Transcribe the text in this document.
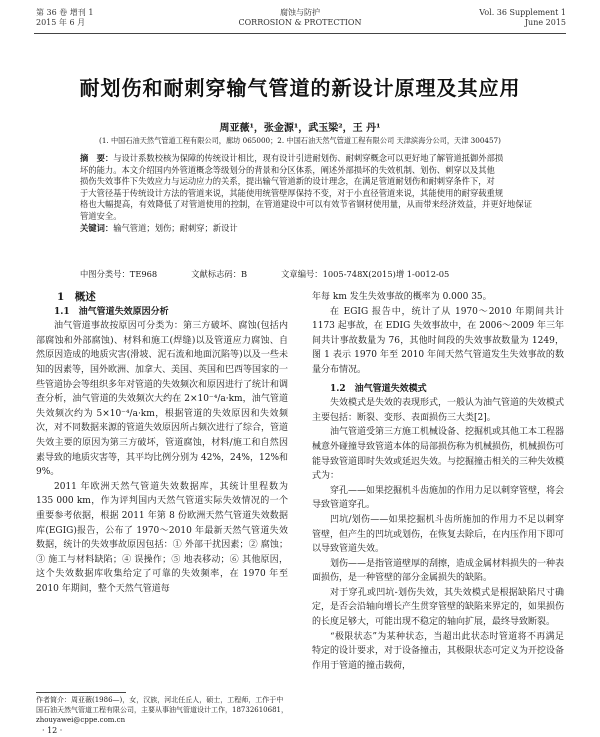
第 36 卷 增刊 1
2015 年 6 月
腐蚀与防护
CORROSION & PROTECTION
Vol. 36 Supplement 1
June 2015
耐划伤和耐刺穿输气管道的新设计原理及其应用
周亚薇¹，张金源¹，武玉梁²，王 丹¹
(1. 中国石油天然气管道工程有限公司，廊坊 065000；2. 中国石油天然气管道工程有限公司 天津滨海分公司，天津 300457)

摘　要：与设计系数校核为保障的传统设计相比，现有设计引进耐划伤、耐刺穿概念可以更好地了解管道抵御外部损

坏的能力。本文介绍国内外管道概念等级划分的背景和分区体系，阐述外部损坏的失效机制、划伤、刺穿以及其他

损伤失效事件下失效应力与运动应力的关系，提出输气管道新的设计理念，在满足管道耐划伤和耐刺穿条件下，对

于大管径基于传统设计方法的管道来说，其能使用统管壁厚保持不变，对于小直径管道来说，其能使用的耐穿载重规

格也大幅提高，有效降低了对管道使用的控制，在管道建设中可以有效节省钢材使用量，从而带来经济效益，并更好地保证管道安全。

关键词：输气管道；划伤；耐刺穿；新设计

中图分类号：TE968	文献标志码：B	文章编号：1005-748X(2015)增 1-0012-05

1　概述

1.1　油气管道失效原因分析

油气管道事故按原因可分类为：第三方破坏、腐蚀(包括内部腐蚀和外部腐蚀)、材料和施工(焊缝)以及管道应力腐蚀、自然原因造成的地质灾害(滑坡、泥石流和地面沉陷等)以及一些未知的因素等，国外欧洲、加拿大、美国、英国和巴西等国家的一些管道协会等组织多年对管道的失效频次和原因进行了统计和调查分析，油气管道的失效频次大约在 2×10⁻⁴/a·km，油气管道失效频次约为 5×10⁻⁴/a·km，根据管道的失效原因和失效频次，对不同数据来源的管道失效原因所占频次进行了综合，管道失效主要的原因为第三方破坏，管道腐蚀，材料/施工和自然因素导致的地质灾害等，其平均比例分别为 42%，24%，12%和 9%。

2011 年欧洲天然气管道失效数据库，其统计里程数为 135 000 km，作为评判国内天然气管道实际失效情况的一个重要参考依据，根据 2011 年第 8 份欧洲天然气管道失效数据库(EGIG)报告，公布了 1970～2010 年最新天然气管道失效数据，统计的失效事故原因包括：① 外部干扰因素；② 腐蚀；③ 施工与材料缺陷；④ 误操作；⑤ 地表移动；⑥ 其他原因，这个失效数据库收集给定了可靠的失效频率，在 1970 年至 2010 年期间，整个天然气管道每

年每 km 发生失效事故的概率为 0.000 35。

在 EGIG 报告中，统计了从 1970～2010 年期间共计 1173 起事故，在 EDIG 失效事故中，在 2006～2009 年三年间共计事故数量为 76，其他时间段的失效事故数量为 1249，图 1 表示 1970 年至 2010 年间天然气管道发生失效事故的数量分布情况。

1.2　油气管道失效模式

失效模式是失效的表现形式，一般认为油气管道的失效模式主要包括：断裂、变形、表面损伤三大类[2]。

油气管道受第三方施工机械设备、挖掘机或其他工本工程器械意外碰撞导致管道本体的局部损伤称为机械损伤，机械损伤可能导致管道即时失效或延迟失效。与挖掘撞击相关的三种失效模式为：

穿孔——如果挖掘机斗齿施加的作用力足以刺穿管壁，将会导致管道穿孔。

凹坑/划伤——如果挖掘机斗齿所施加的作用力不足以刺穿管壁，但产生的凹坑或划伤，在恢复去除后，在内压作用下即可以导致管道失效。

划伤——是指管道壁厚的刮擦，造成金属材料损失的一种表面损伤，是一种管壁的部分金属损失的缺陷。

对于穿孔或凹坑-划伤失效，其失效模式是根据缺陷尺寸确定，是否会沿轴向增长产生贯穿管壁的缺陷来界定的，如果损伤的长度足够大，可能出现不稳定的轴向扩展，最终导致断裂。

“极限状态”为某种状态，当超出此状态时管道将不再满足特定的设计要求，对于设备撞击，其极限状态可定义为开挖设备作用于管道的撞击载荷，

作者简介：周亚薇(1986—)，女，汉族，河北任丘人，硕士，工程师，工作于中国石油天然气管道工程有限公司，主要从事油气管道设计工作，18732610681，zhouyawei@cppe.com.cn
· 12 ·
